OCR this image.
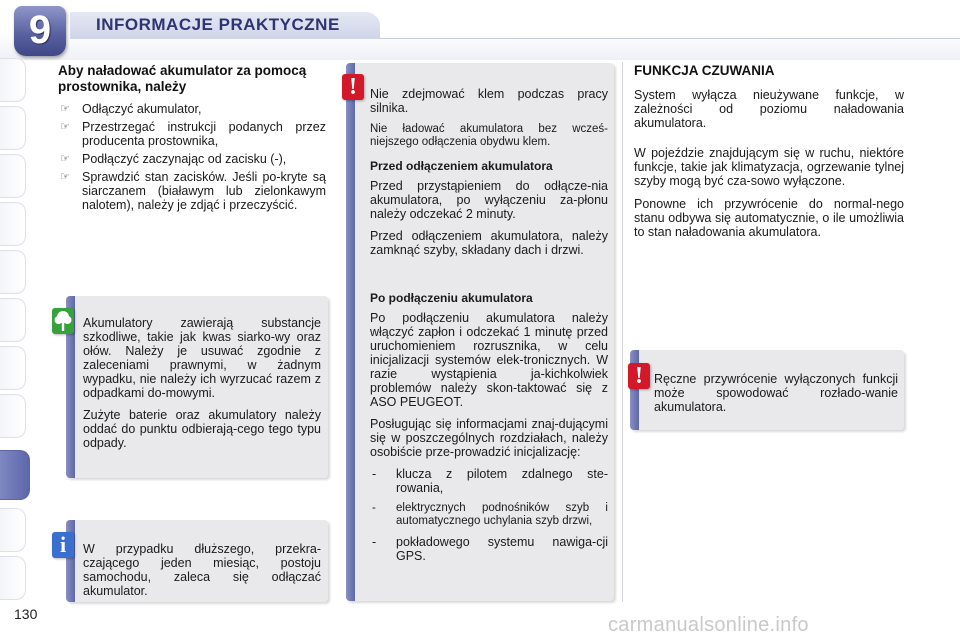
9	INFORMACJE PRAKTYCZNE
Aby naładować akumulator za pomocą prostownika, należy
☞ Odłączyć akumulator,
☞ Przestrzegać instrukcji podanych przez producenta prostownika,
☞ Podłączyć zaczynając od zacisku (-),
☞ Sprawdzić stan zacisków. Jeśli po-kryte są siarczanem (białawym lub zielonkawym nalotem), należy je zdjąć i przeczyścić.

Akumulatory zawierają substancje szkodliwe, takie jak kwas siarko-wy oraz ołów. Należy je usuwać zgodnie z zaleceniami prawnymi, w żadnym wypadku, nie należy ich wyrzucać razem z odpadkami do-mowymi.

Zużyte baterie oraz akumulatory należy oddać do punktu odbierają-cego tego typu odpady.

W przypadku dłuższego, przekra-czającego jeden miesiąc, postoju samochodu, zaleca się odłączać akumulator.
i

Nie zdejmować klem podczas pracy silnika.

Nie ładować akumulatora bez wcześ-niejszego odłączenia obydwu klem.

Przed odłączeniem akumulatora

Przed przystąpieniem do odłącze-nia akumulatora, po wyłączeniu za-płonu należy odczekać 2 minuty.

Przed odłączeniem akumulatora, należy zamknąć szyby, składany dach i drzwi.

Po podłączeniu akumulatora

Po podłączeniu akumulatora należy włączyć zapłon i odczekać 1 minutę przed uruchomieniem rozrusznika, w celu inicjalizacji systemów elek-tronicznych. W razie wystąpienia ja-kichkolwiek problemów należy skon-taktować się z ASO PEUGEOT.

Posługując się informacjami znaj-dującymi się w poszczególnych rozdziałach, należy osobiście prze-prowadzić inicjalizację:

- klucza z pilotem zdalnego ste-rowania,
- elektrycznych podnośników szyb i automatycznego uchylania szyb drzwi,
- pokładowego systemu nawiga-cji GPS.
!
FUNKCJA CZUWANIA

System wyłącza nieużywane funkcje, w zależności od poziomu naładowania akumulatora.

W pojeździe znajdującym się w ruchu, niektóre funkcje, takie jak klimatyzacja, ogrzewanie tylnej szyby mogą być cza-sowo wyłączone.

Ponowne ich przywrócenie do normal-nego stanu odbywa się automatycznie, o ile umożliwia to stan naładowania akumulatora.

Ręczne przywrócenie wyłączonych funkcji może spowodować rozłado-wanie akumulatora.
!
130	carmanualsonline.info
